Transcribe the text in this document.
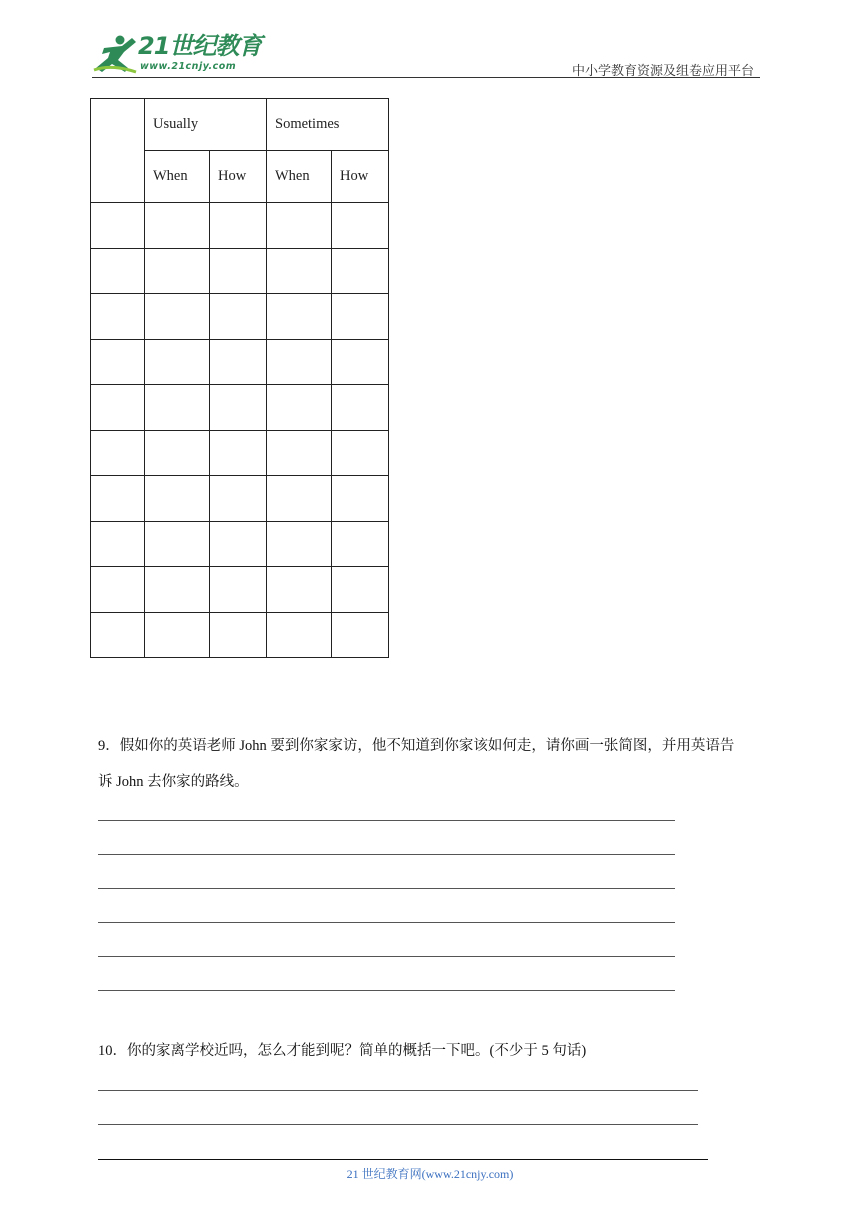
21世纪教育
www.21cnjy.com	中小学教育资源及组卷应用平台
	Usually		Sometimes	
	When	How	When	How

9．假如你的英语老师 John 要到你家家访，他不知道到你家该如何走，请你画一张简图，并用英语告
诉 John 去你家的路线。
10．你的家离学校近吗，怎么才能到呢？简单的概括一下吧。(不少于 5 句话)
21 世纪教育网(www.21cnjy.com)
